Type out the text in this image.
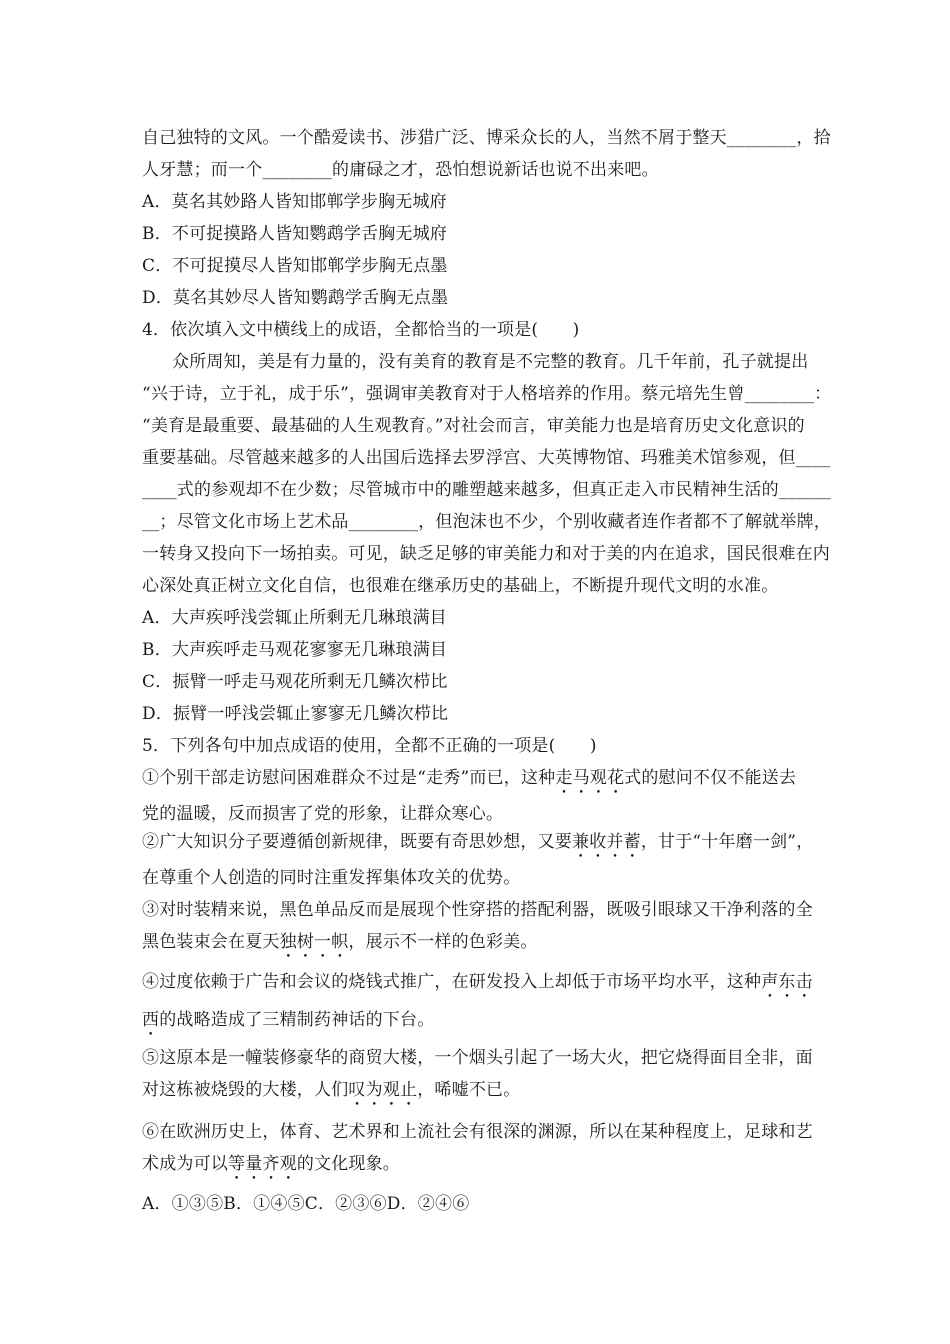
自己独特的文风。一个酷爱读书、涉猎广泛、博采众长的人，当然不屑于整天________，拾
人牙慧；而一个________的庸碌之才，恐怕想说新话也说不出来吧。
A．莫名其妙路人皆知邯郸学步胸无城府
B．不可捉摸路人皆知鹦鹉学舌胸无城府
C．不可捉摸尽人皆知邯郸学步胸无点墨
D．莫名其妙尽人皆知鹦鹉学舌胸无点墨
4．依次填入文中横线上的成语，全都恰当的一项是(　　)
众所周知，美是有力量的，没有美育的教育是不完整的教育。几千年前，孔子就提出
“兴于诗，立于礼，成于乐”，强调审美教育对于人格培养的作用。蔡元培先生曾________：
“美育是最重要、最基础的人生观教育。”对社会而言，审美能力也是培育历史文化意识的
重要基础。尽管越来越多的人出国后选择去罗浮宫、大英博物馆、玛雅美术馆参观，但____
____式的参观却不在少数；尽管城市中的雕塑越来越多，但真正走入市民精神生活的______
__；尽管文化市场上艺术品________，但泡沫也不少，个别收藏者连作者都不了解就举牌，
一转身又投向下一场拍卖。可见，缺乏足够的审美能力和对于美的内在追求，国民很难在内
心深处真正树立文化自信，也很难在继承历史的基础上，不断提升现代文明的水准。
A．大声疾呼浅尝辄止所剩无几琳琅满目
B．大声疾呼走马观花寥寥无几琳琅满目
C．振臂一呼走马观花所剩无几鳞次栉比
D．振臂一呼浅尝辄止寥寥无几鳞次栉比
5．下列各句中加点成语的使用，全都不正确的一项是(　　)
①个别干部走访慰问困难群众不过是“走秀”而已，这种走马观花式的慰问不仅不能送去
党的温暖，反而损害了党的形象，让群众寒心。
②广大知识分子要遵循创新规律，既要有奇思妙想，又要兼收并蓄，甘于“十年磨一剑”，
在尊重个人创造的同时注重发挥集体攻关的优势。
③对时装精来说，黑色单品反而是展现个性穿搭的搭配利器，既吸引眼球又干净利落的全
黑色装束会在夏天独树一帜，展示不一样的色彩美。
④过度依赖于广告和会议的烧钱式推广，在研发投入上却低于市场平均水平，这种声东击
西的战略造成了三精制药神话的下台。
⑤这原本是一幢装修豪华的商贸大楼，一个烟头引起了一场大火，把它烧得面目全非，面
对这栋被烧毁的大楼，人们叹为观止，唏嘘不已。
⑥在欧洲历史上，体育、艺术界和上流社会有很深的渊源，所以在某种程度上，足球和艺
术成为可以等量齐观的文化现象。
A．①③⑤B．①④⑤C．②③⑥D．②④⑥
